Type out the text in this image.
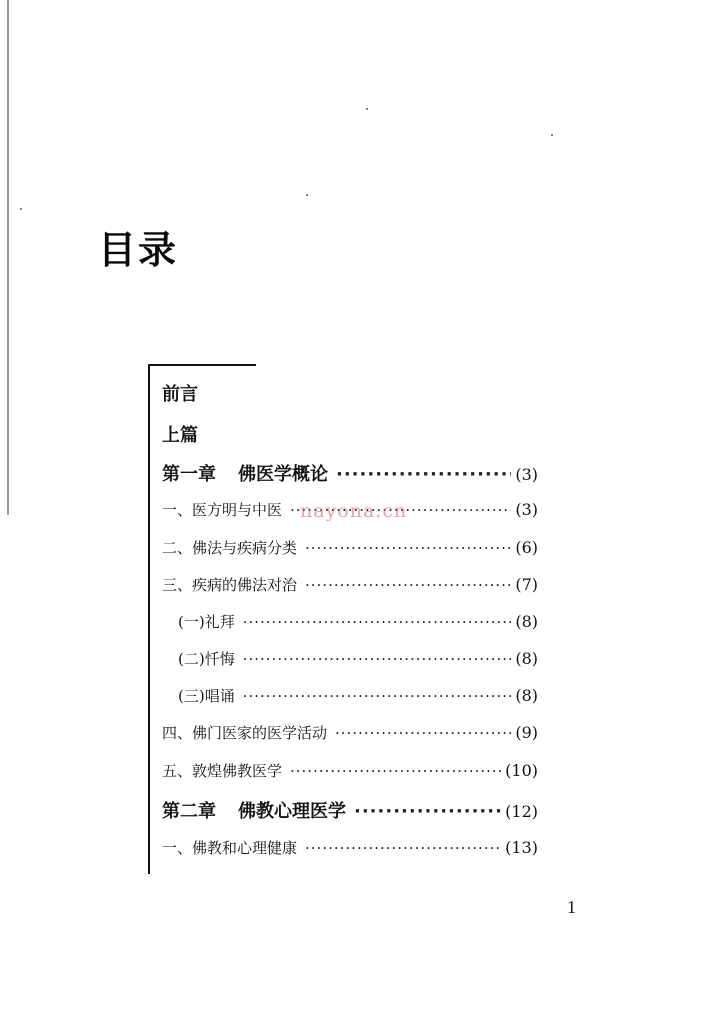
目录
前言
上篇
第一章 佛医学概论 ·····	(3)
一、医方明与中医 ·····	(3)
二、佛法与疾病分类 ·····	(6)
三、疾病的佛法对治 ·····	(7)
(一)礼拜 ·····	(8)
(二)忏悔 ·····	(8)
(三)唱诵 ·····	(8)
四、佛门医家的医学活动 ·····	(9)
五、敦煌佛教医学 ·····	(10)
第二章 佛教心理医学 ·····	(12)
一、佛教和心理健康 ·····	(13)
nayona.cn
1
